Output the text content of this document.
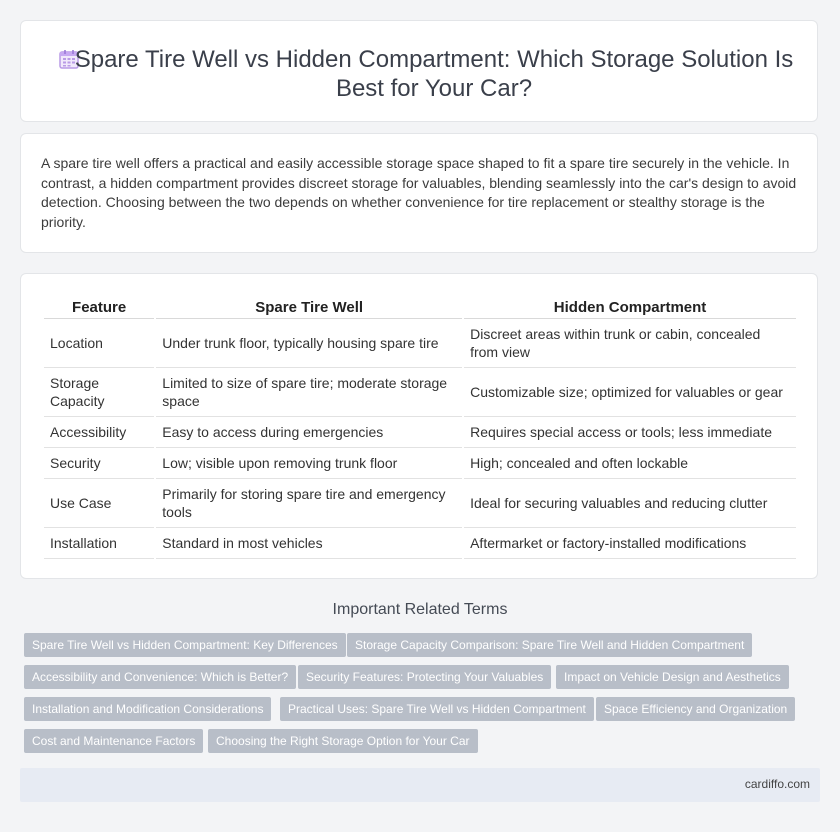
Spare Tire Well vs Hidden Compartment: Which Storage Solution Is Best for Your Car?

A spare tire well offers a practical and easily accessible storage space shaped to fit a spare tire securely in the vehicle. In contrast, a hidden compartment provides discreet storage for valuables, blending seamlessly into the car's design to avoid detection. Choosing between the two depends on whether convenience for tire replacement or stealthy storage is the priority.

Feature	Spare Tire Well	Hidden Compartment
Location	Under trunk floor, typically housing spare tire	Discreet areas within trunk or cabin, concealed from view
Storage Capacity	Limited to size of spare tire; moderate storage space	Customizable size; optimized for valuables or gear
Accessibility	Easy to access during emergencies	Requires special access or tools; less immediate
Security	Low; visible upon removing trunk floor	High; concealed and often lockable
Use Case	Primarily for storing spare tire and emergency tools	Ideal for securing valuables and reducing clutter
Installation	Standard in most vehicles	Aftermarket or factory-installed modifications
Important Related Terms
Spare Tire Well vs Hidden Compartment: Key Differences	Storage Capacity Comparison: Spare Tire Well and Hidden Compartment
Accessibility and Convenience: Which is Better?	Security Features: Protecting Your Valuables	Impact on Vehicle Design and Aesthetics
Installation and Modification Considerations	Practical Uses: Spare Tire Well vs Hidden Compartment	Space Efficiency and Organization
Cost and Maintenance Factors	Choosing the Right Storage Option for Your Car
cardiffo.com
